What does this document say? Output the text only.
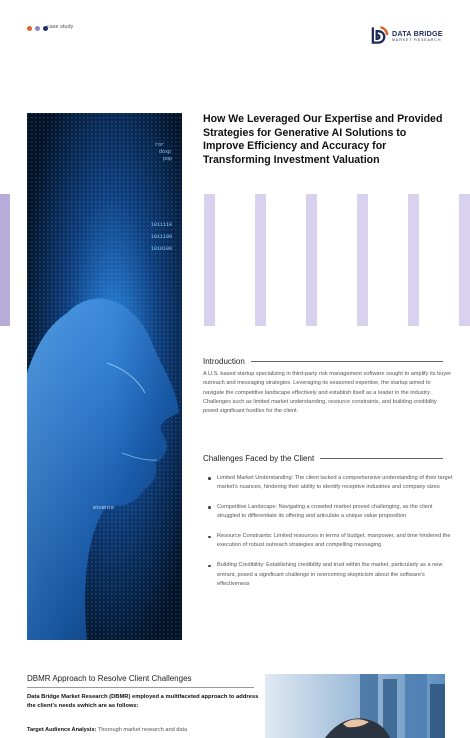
case study
DATA BRIDGE
MARKET RESEARCH
ror
dosp
pop
1011110
1011100
1010100
etcente
How We Leveraged Our Expertise and Provided Strategies for Generative AI Solutions to Improve Efficiency and Accuracy for Transforming Investment Valuation
Introduction
A U.S. based startup specializing in third-party risk management software sought to amplify its buyer outreach and messaging strategies. Leveraging its seasoned expertise, the startup aimed to navigate the competitive landscape effectively and establish itself as a leader in the industry. Challenges such as limited market understanding, resource constraints, and building credibility posed significant hurdles for the client.
Challenges Faced by the Client
Limited Market Understanding: The client lacked a comprehensive understanding of their target market's nuances, hindering their ability to identify receptive industries and company sizes
Competitive Landscape: Navigating a crowded market proved challenging, as the client struggled to differentiate its offering and articulate a unique value proposition
Resource Constraints: Limited resources in terms of budget, manpower, and time hindered the execution of robust outreach strategies and compelling messaging
Building Credibility: Establishing credibility and trust within the market, particularly as a new entrant, posed a significant challenge in overcoming skepticism about the software's effectiveness
DBMR Approach to Resolve Client Challenges
Data Bridge Market Research (DBMR) employed a multifaceted approach to address the client's needs swhich are as follows:
Target Audience Analysis: Thorough market research and data
